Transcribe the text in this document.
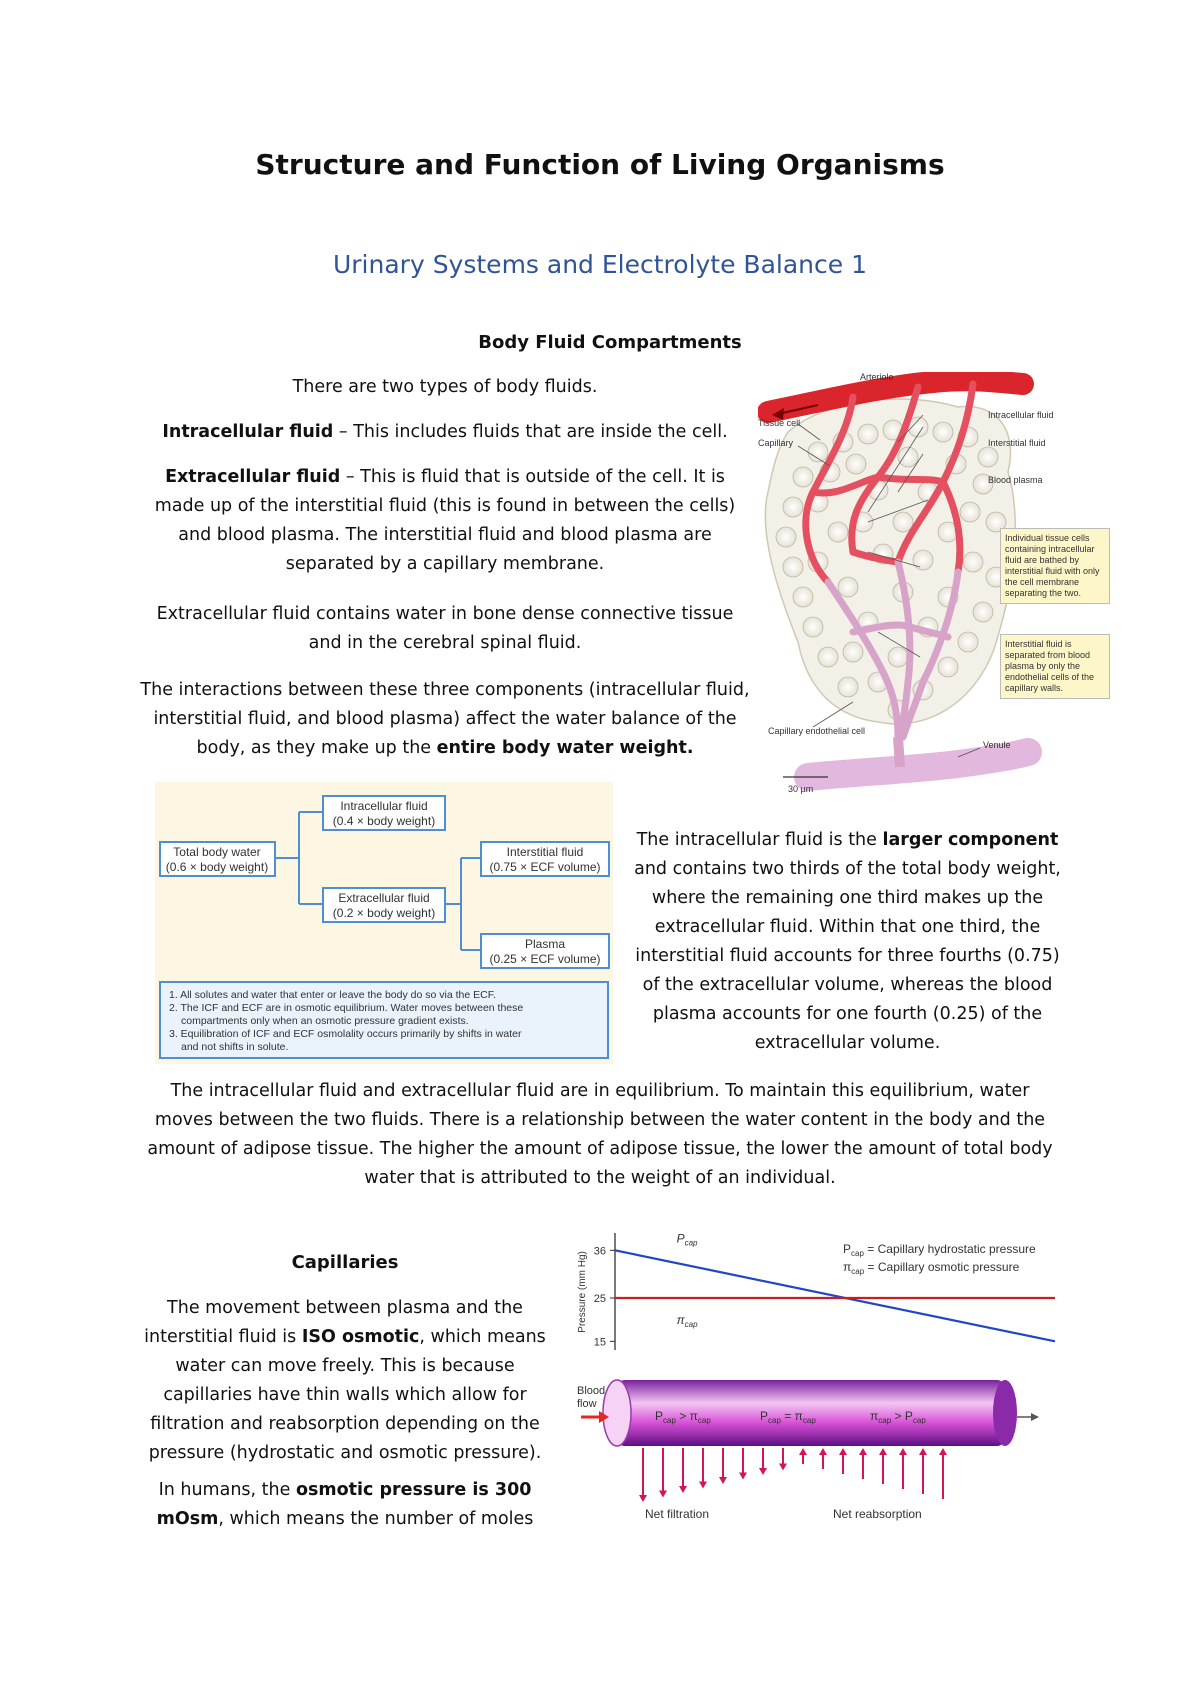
Structure and Function of Living Organisms
Urinary Systems and Electrolyte Balance 1
Body Fluid Compartments
There are two types of body fluids.
Intracellular fluid – This includes fluids that are inside the cell.
Extracellular fluid – This is fluid that is outside of the cell. It is made up of the interstitial fluid (this is found in between the cells) and blood plasma. The interstitial fluid and blood plasma are separated by a capillary membrane.
Extracellular fluid contains water in bone dense connective tissue and in the cerebral spinal fluid.
The interactions between these three components (intracellular fluid, interstitial fluid, and blood plasma) affect the water balance of the body, as they make up the entire body water weight.
Arteriole
Tissue cell
Capillary
Intracellular fluid
Interstitial fluid
Blood plasma
Capillary endothelial cell
Venule
30 µm
Individual tissue cells containing intracellular fluid are bathed by interstitial fluid with only the cell membrane separating the two.
Interstitial fluid is separated from blood plasma by only the endothelial cells of the capillary walls.
Total body water
(0.6 × body weight)
Intracellular fluid
(0.4 × body weight)
Extracellular fluid
(0.2 × body weight)
Interstitial fluid
(0.75 × ECF volume)
Plasma
(0.25 × ECF volume)
1. All solutes and water that enter or leave the body do so via the ECF.
2. The ICF and ECF are in osmotic equilibrium. Water moves between these
compartments only when an osmotic pressure gradient exists.
3. Equilibration of ICF and ECF osmolality occurs primarily by shifts in water
and not shifts in solute.
The intracellular fluid is the larger component and contains two thirds of the total body weight, where the remaining one third makes up the extracellular fluid. Within that one third, the interstitial fluid accounts for three fourths (0.75) of the extracellular volume, whereas the blood plasma accounts for one fourth (0.25) of the extracellular volume.
The intracellular fluid and extracellular fluid are in equilibrium. To maintain this equilibrium, water moves between the two fluids. There is a relationship between the water content in the body and the amount of adipose tissue. The higher the amount of adipose tissue, the lower the amount of total body water that is attributed to the weight of an individual.
Capillaries
The movement between plasma and the interstitial fluid is ISO osmotic, which means water can move freely. This is because capillaries have thin walls which allow for filtration and reabsorption depending on the pressure (hydrostatic and osmotic pressure).
In humans, the osmotic pressure is 300 mOsm, which means the number of moles
Pressure (mm Hg)
15
25
36
$P_{cap}$
$\pi_{cap}$
$P_{cap}$ = Capillary hydrostatic pressure
$\pi_{cap}$ = Capillary osmotic pressure
Blood
flow
$P_{cap} > \pi_{cap}$	$P_{cap} = \pi_{cap}$	$\pi_{cap} > P_{cap}$
Net filtration	Net reabsorption
